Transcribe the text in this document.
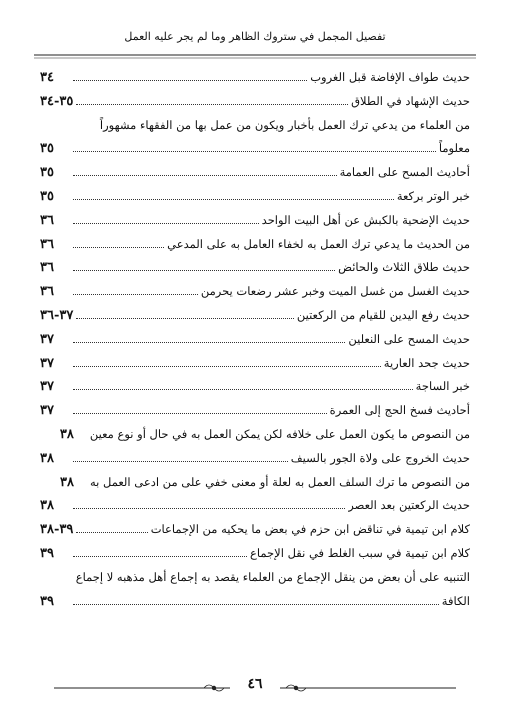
تفصيل المجمل في ستروك الظاهر وما لم يجر عليه العمل
حديث طواف الإفاضة قبل الغروب
٣٤
حديث الإشهاد في الطلاق
٣٥-٣٤
من العلماء من يدعي ترك العمل بأخبار ويكون من عمل بها من الفقهاء مشهوراً
معلوماً
٣٥
أحاديث المسح على العمامة
٣٥
خبر الوتر بركعة
٣٥
حديث الإضحية بالكبش عن أهل البيت الواحد
٣٦
من الحديث ما يدعي ترك العمل به لخفاء العامل به على المدعي
٣٦
حديث طلاق الثلاث والحائض
٣٦
حديث الغسل من غسل الميت وخبر عشر رضعات يحرمن
٣٦
حديث رفع اليدين للقيام من الركعتين
٣٧-٣٦
حديث المسح على النعلين
٣٧
حديث جحد العارية
٣٧
خبر الساجة
٣٧
أحاديث فسخ الحج إلى العمرة
٣٧
من النصوص ما يكون العمل على خلافه لكن يمكن العمل به في حال أو نوع معين
٣٨
حديث الخروج على ولاة الجور بالسيف
٣٨
من النصوص ما ترك السلف العمل به لعلة أو معنى خفي على من ادعى العمل به
٣٨
حديث الركعتين بعد العصر
٣٨
كلام ابن تيمية في تناقض ابن حزم في بعض ما يحكيه من الإجماعات
٣٩-٣٨
كلام ابن تيمية في سبب الغلط في نقل الإجماع
٣٩
التنبيه على أن بعض من ينقل الإجماع من العلماء يقصد به إجماع أهل مذهبه لا إجماع
الكافة
٣٩
٤٦
